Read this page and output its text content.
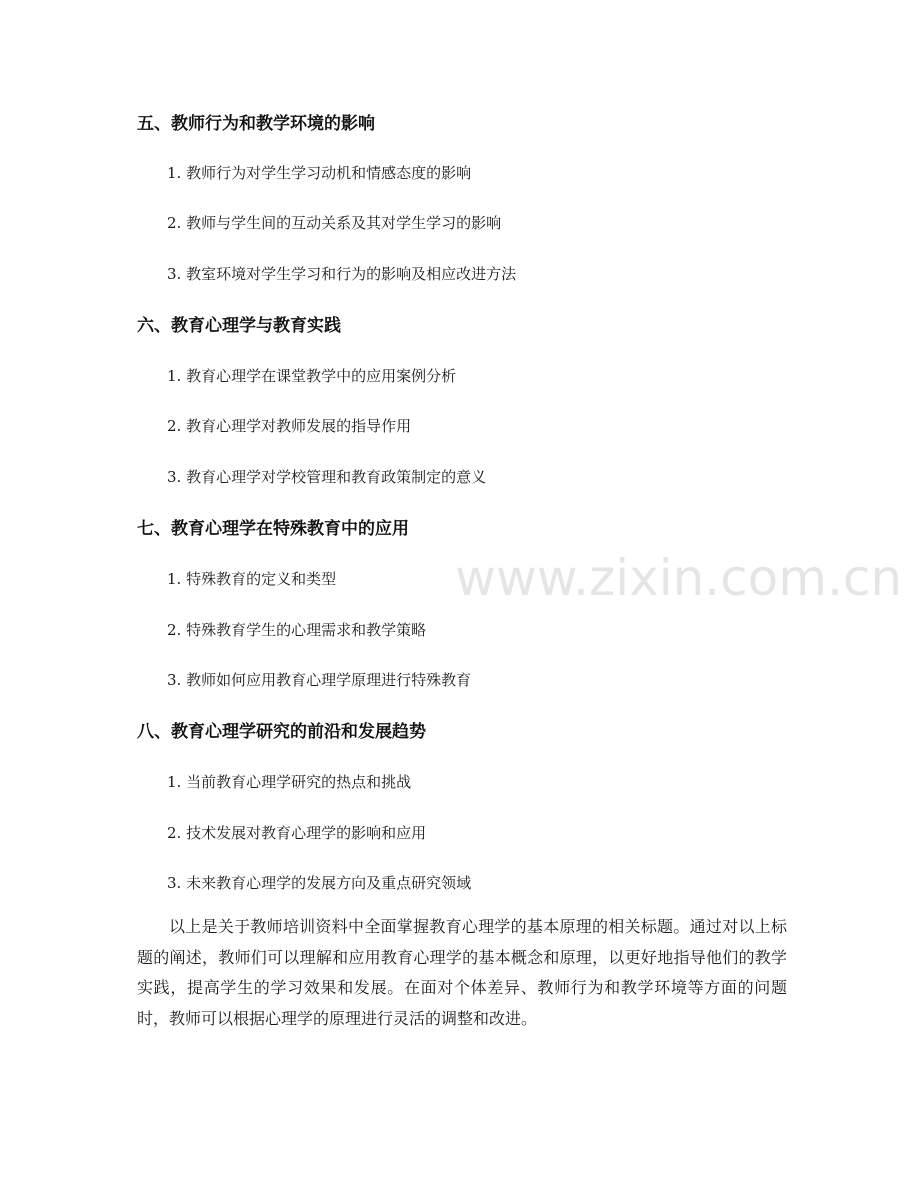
五、教师行为和教学环境的影响
1. 教师行为对学生学习动机和情感态度的影响
2. 教师与学生间的互动关系及其对学生学习的影响
3. 教室环境对学生学习和行为的影响及相应改进方法
六、教育心理学与教育实践
1. 教育心理学在课堂教学中的应用案例分析
2. 教育心理学对教师发展的指导作用
3. 教育心理学对学校管理和教育政策制定的意义
七、教育心理学在特殊教育中的应用
1. 特殊教育的定义和类型
2. 特殊教育学生的心理需求和教学策略
3. 教师如何应用教育心理学原理进行特殊教育
八、教育心理学研究的前沿和发展趋势
1. 当前教育心理学研究的热点和挑战
2. 技术发展对教育心理学的影响和应用
3. 未来教育心理学的发展方向及重点研究领域
以上是关于教师培训资料中全面掌握教育心理学的基本原理的相关标题。通过对以上标题的阐述，教师们可以理解和应用教育心理学的基本概念和原理，以更好地指导他们的教学实践，提高学生的学习效果和发展。在面对个体差异、教师行为和教学环境等方面的问题时，教师可以根据心理学的原理进行灵活的调整和改进。
www.zixin.com.cn
